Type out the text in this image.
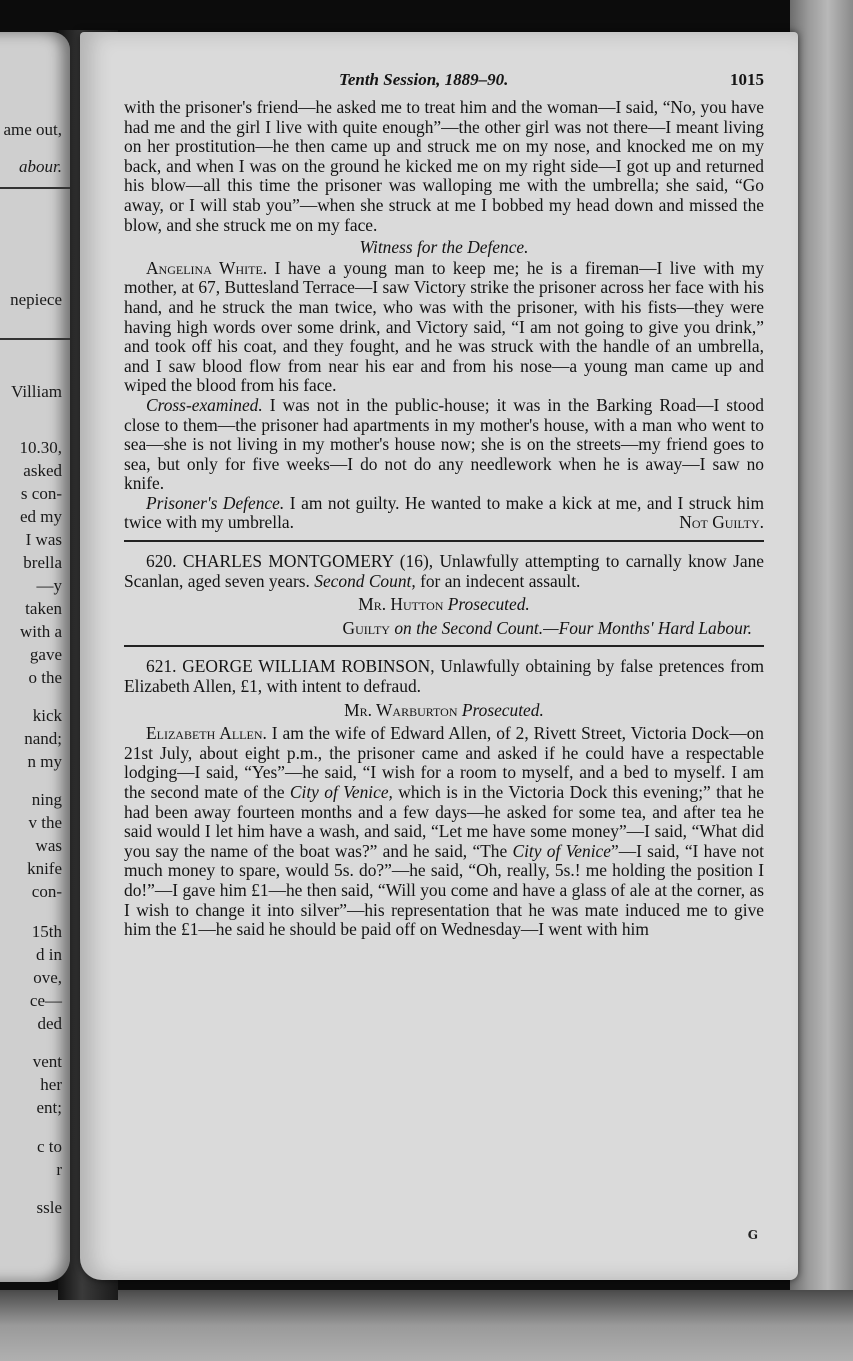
ame out,
abour.
nepiece
Villiam
10.30,
asked
s con-
ed my
I was
brella
—y
taken
with a
gave
o the
kick
nand;
n my
ning
v the
was
knife
con-
15th
d in
ove,
ce—
ded
vent
her
ent;
c to
r
ssle
Tenth Session, 1889–90.	1015

with the prisoner's friend—he asked me to treat him and the woman—I said, “No, you have had me and the girl I live with quite enough”—the other girl was not there—I meant living on her prostitution—he then came up and struck me on my nose, and knocked me on my back, and when I was on the ground he kicked me on my right side—I got up and returned his blow—all this time the prisoner was walloping me with the umbrella; she said, “Go away, or I will stab you”—when she struck at me I bobbed my head down and missed the blow, and she struck me on my face.

Witness for the Defence.

Angelina White. I have a young man to keep me; he is a fireman—I live with my mother, at 67, Buttesland Terrace—I saw Victory strike the prisoner across her face with his hand, and he struck the man twice, who was with the prisoner, with his fists—they were having high words over some drink, and Victory said, “I am not going to give you drink,” and took off his coat, and they fought, and he was struck with the handle of an umbrella, and I saw blood flow from near his ear and from his nose—a young man came up and wiped the blood from his face.

Cross-examined. I was not in the public-house; it was in the Barking Road—I stood close to them—the prisoner had apartments in my mother's house, with a man who went to sea—she is not living in my mother's house now; she is on the streets—my friend goes to sea, but only for five weeks—I do not do any needlework when he is away—I saw no knife.

Prisoner's Defence. I am not guilty. He wanted to make a kick at me, and I struck him twice with my umbrella.	Not Guilty.

620. CHARLES MONTGOMERY (16), Unlawfully attempting to carnally know Jane Scanlan, aged seven years. Second Count, for an indecent assault.

Mr. Hutton Prosecuted.

Guilty on the Second Count.—Four Months' Hard Labour.

621. GEORGE WILLIAM ROBINSON, Unlawfully obtaining by false pretences from Elizabeth Allen, £1, with intent to defraud.

Mr. Warburton Prosecuted.

Elizabeth Allen. I am the wife of Edward Allen, of 2, Rivett Street, Victoria Dock—on 21st July, about eight p.m., the prisoner came and asked if he could have a respectable lodging—I said, “Yes”—he said, “I wish for a room to myself, and a bed to myself. I am the second mate of the City of Venice, which is in the Victoria Dock this evening;” that he had been away fourteen months and a few days—he asked for some tea, and after tea he said would I let him have a wash, and said, “Let me have some money”—I said, “What did you say the name of the boat was?” and he said, “The City of Venice”—I said, “I have not much money to spare, would 5s. do?”—he said, “Oh, really, 5s.! me holding the position I do!”—I gave him £1—he then said, “Will you come and have a glass of ale at the corner, as I wish to change it into silver”—his representation that he was mate induced me to give him the £1—he said he should be paid off on Wednesday—I went with him

G
